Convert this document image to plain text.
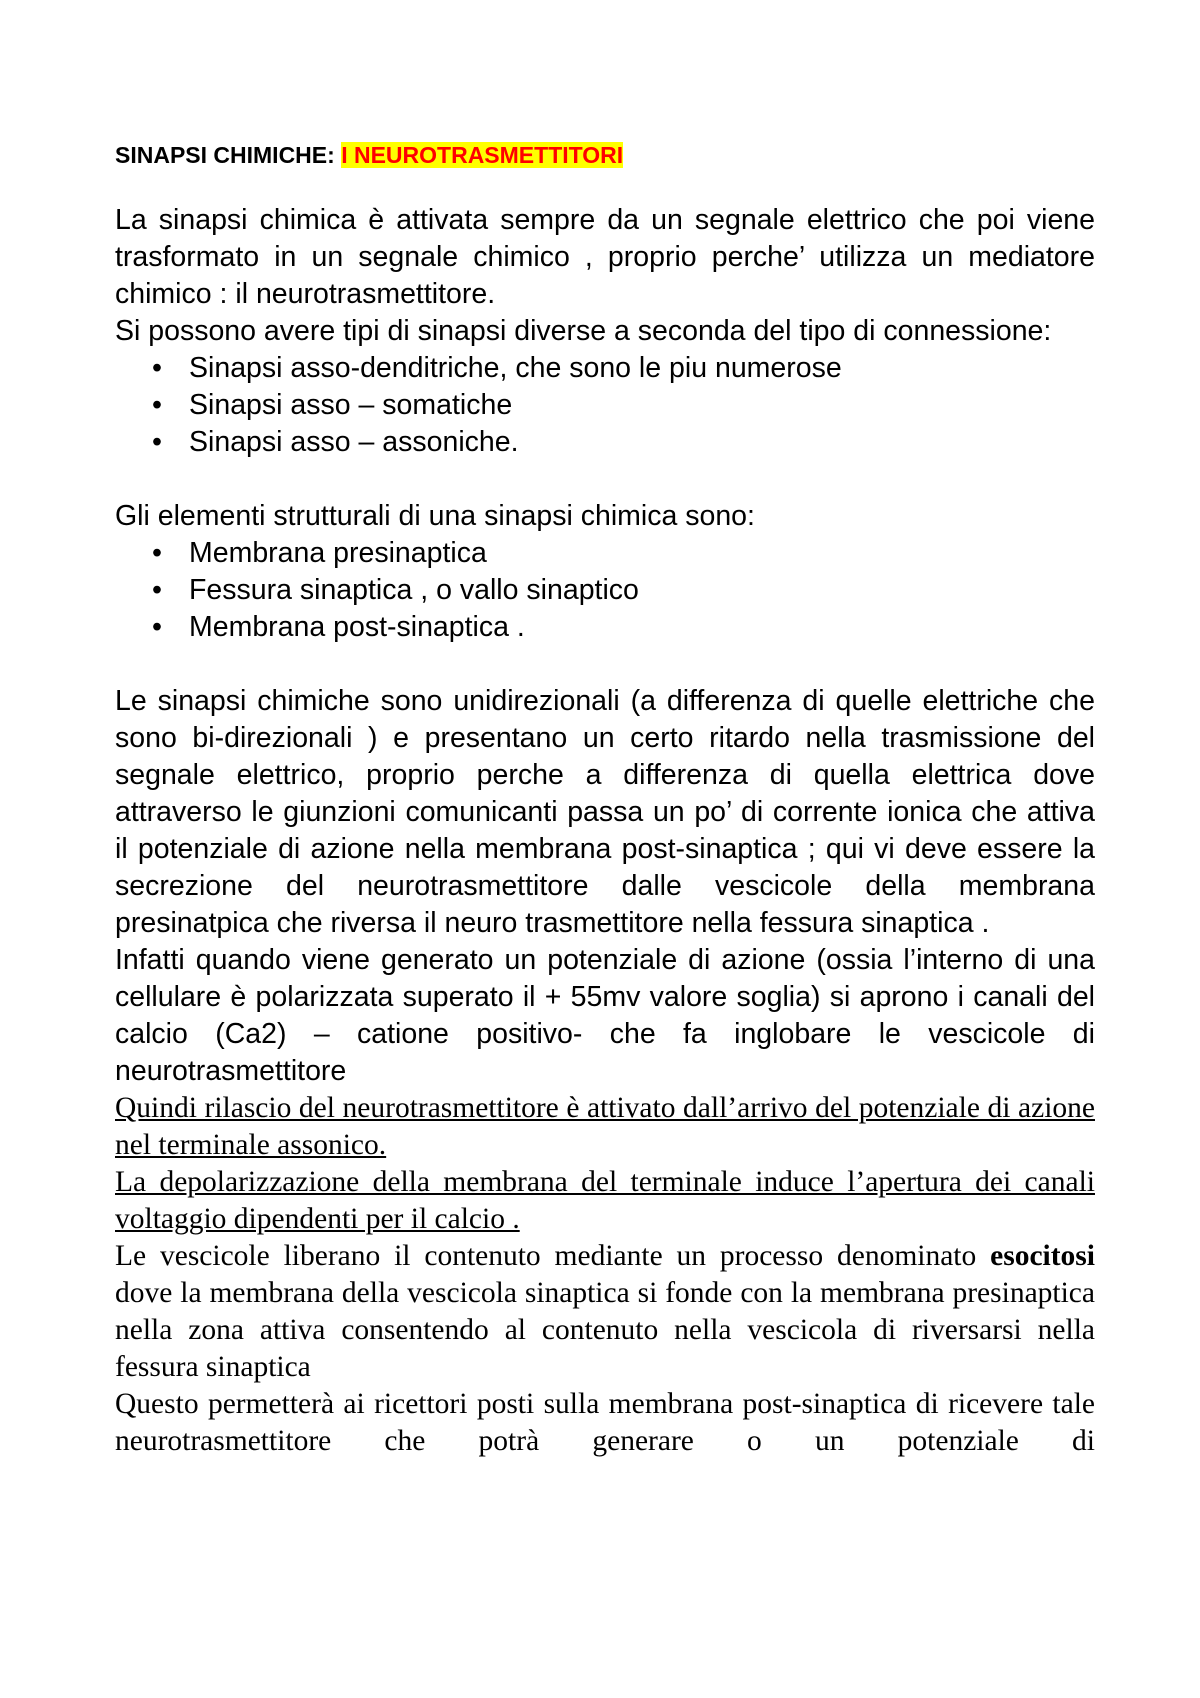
SINAPSI CHIMICHE: I NEUROTRASMETTITORI

La sinapsi chimica è attivata sempre da un segnale elettrico che poi viene trasformato in un segnale chimico , proprio perche’ utilizza un mediatore chimico : il neurotrasmettitore.

Si possono avere tipi di sinapsi diverse a seconda del tipo di connessione:

• Sinapsi asso-denditriche, che sono le piu numerose
• Sinapsi asso – somatiche
• Sinapsi asso – assoniche.

Gli elementi strutturali di una sinapsi chimica sono:

• Membrana presinaptica
• Fessura sinaptica , o vallo sinaptico
• Membrana post-sinaptica .

Le sinapsi chimiche sono unidirezionali (a differenza di quelle elettriche che sono bi-direzionali ) e presentano un certo ritardo nella trasmissione del segnale elettrico, proprio perche a differenza di quella elettrica dove attraverso le giunzioni comunicanti passa un po’ di corrente ionica che attiva il potenziale di azione nella membrana post-sinaptica ; qui vi deve essere la secrezione del neurotrasmettitore dalle vescicole della membrana presinatpica che riversa il neuro trasmettitore nella fessura sinaptica .

Infatti quando viene generato un potenziale di azione (ossia l’interno di una cellulare è polarizzata superato il + 55mv valore soglia) si aprono i canali del calcio (Ca2) – catione positivo- che fa inglobare le vescicole di neurotrasmettitore

Quindi rilascio del neurotrasmettitore è attivato dall’arrivo del potenziale di azione nel terminale assonico.

La depolarizzazione della membrana del terminale induce l’apertura dei canali voltaggio dipendenti per il calcio .

Le vescicole liberano il contenuto mediante un processo denominato esocitosi dove la membrana della vescicola sinaptica si fonde con la membrana presinaptica nella zona attiva consentendo al contenuto nella vescicola di riversarsi nella fessura sinaptica

Questo permetterà ai ricettori posti sulla membrana post-sinaptica di ricevere tale neurotrasmettitore che potrà generare o un potenziale di
